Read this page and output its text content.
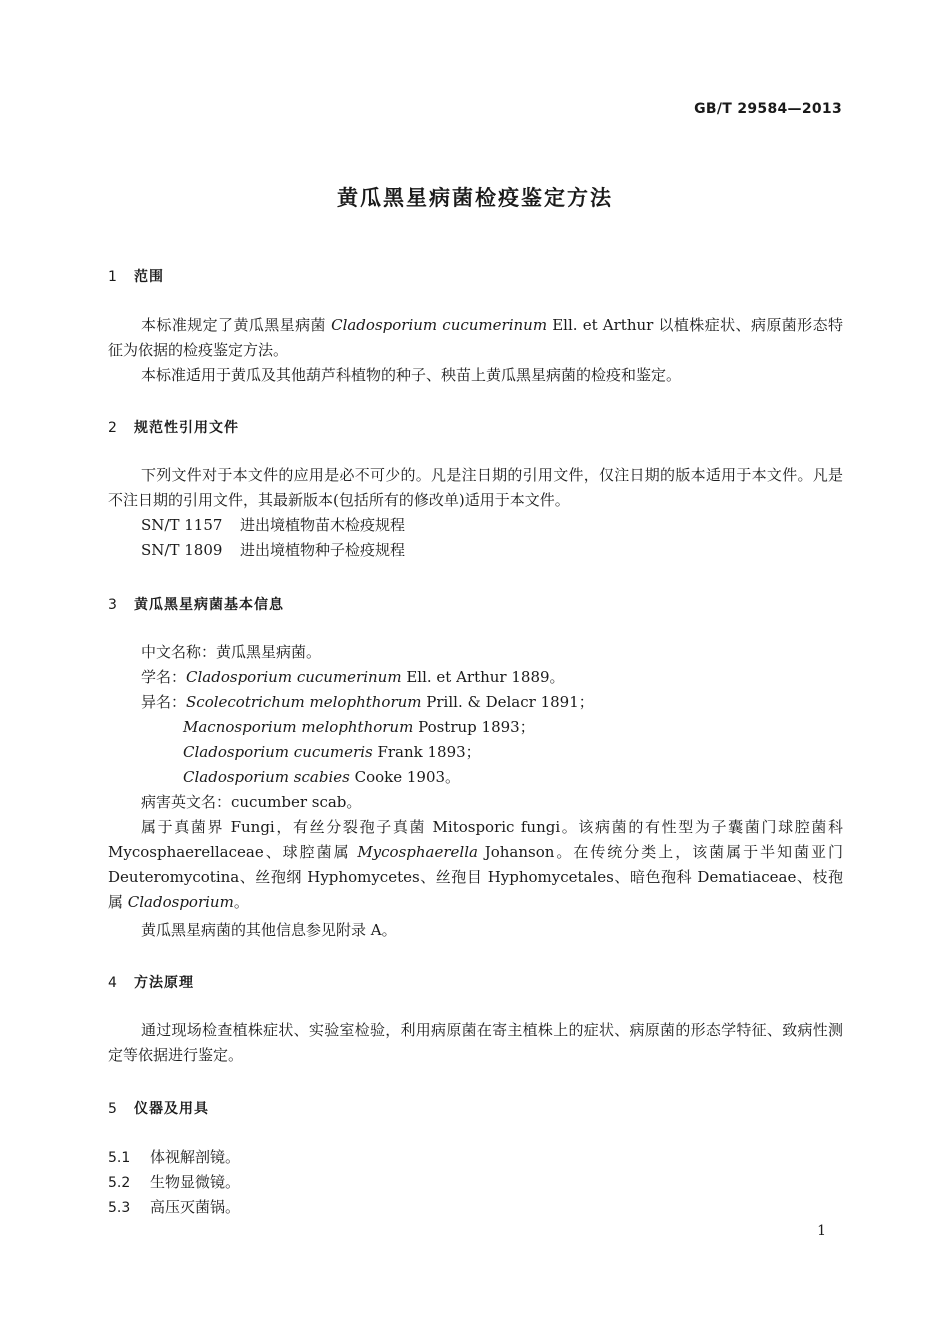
GB/T 29584—2013
黄瓜黑星病菌检疫鉴定方法
1 范围

本标准规定了黄瓜黑星病菌 Cladosporium cucumerinum Ell. et Arthur 以植株症状、病原菌形态特征为依据的检疫鉴定方法。

本标准适用于黄瓜及其他葫芦科植物的种子、秧苗上黄瓜黑星病菌的检疫和鉴定。

2 规范性引用文件

下列文件对于本文件的应用是必不可少的。凡是注日期的引用文件，仅注日期的版本适用于本文件。凡是不注日期的引用文件，其最新版本(包括所有的修改单)适用于本文件。

SN/T 1157 进出境植物苗木检疫规程
SN/T 1809 进出境植物种子检疫规程
3 黄瓜黑星病菌基本信息
中文名称：黄瓜黑星病菌。
学名：Cladosporium cucumerinum Ell. et Arthur 1889。
异名：Scolecotrichum melophthorum Prill. & Delacr 1891；
Macnosporium melophthorum Postrup 1893；
Cladosporium cucumeris Frank 1893；
Cladosporium scabies Cooke 1903。
病害英文名：cucumber scab。

属于真菌界 Fungi，有丝分裂孢子真菌 Mitosporic fungi。该病菌的有性型为子囊菌门球腔菌科 Mycosphaerellaceae、球腔菌属 Mycosphaerella Johanson。在传统分类上，该菌属于半知菌亚门 Deuteromycotina、丝孢纲 Hyphomycetes、丝孢目 Hyphomycetales、暗色孢科 Dematiaceae、枝孢属 Cladosporium。

黄瓜黑星病菌的其他信息参见附录 A。

4 方法原理

通过现场检查植株症状、实验室检验，利用病原菌在寄主植株上的症状、病原菌的形态学特征、致病性测定等依据进行鉴定。

5 仪器及用具
5.1 体视解剖镜。
5.2 生物显微镜。
5.3 高压灭菌锅。
1
